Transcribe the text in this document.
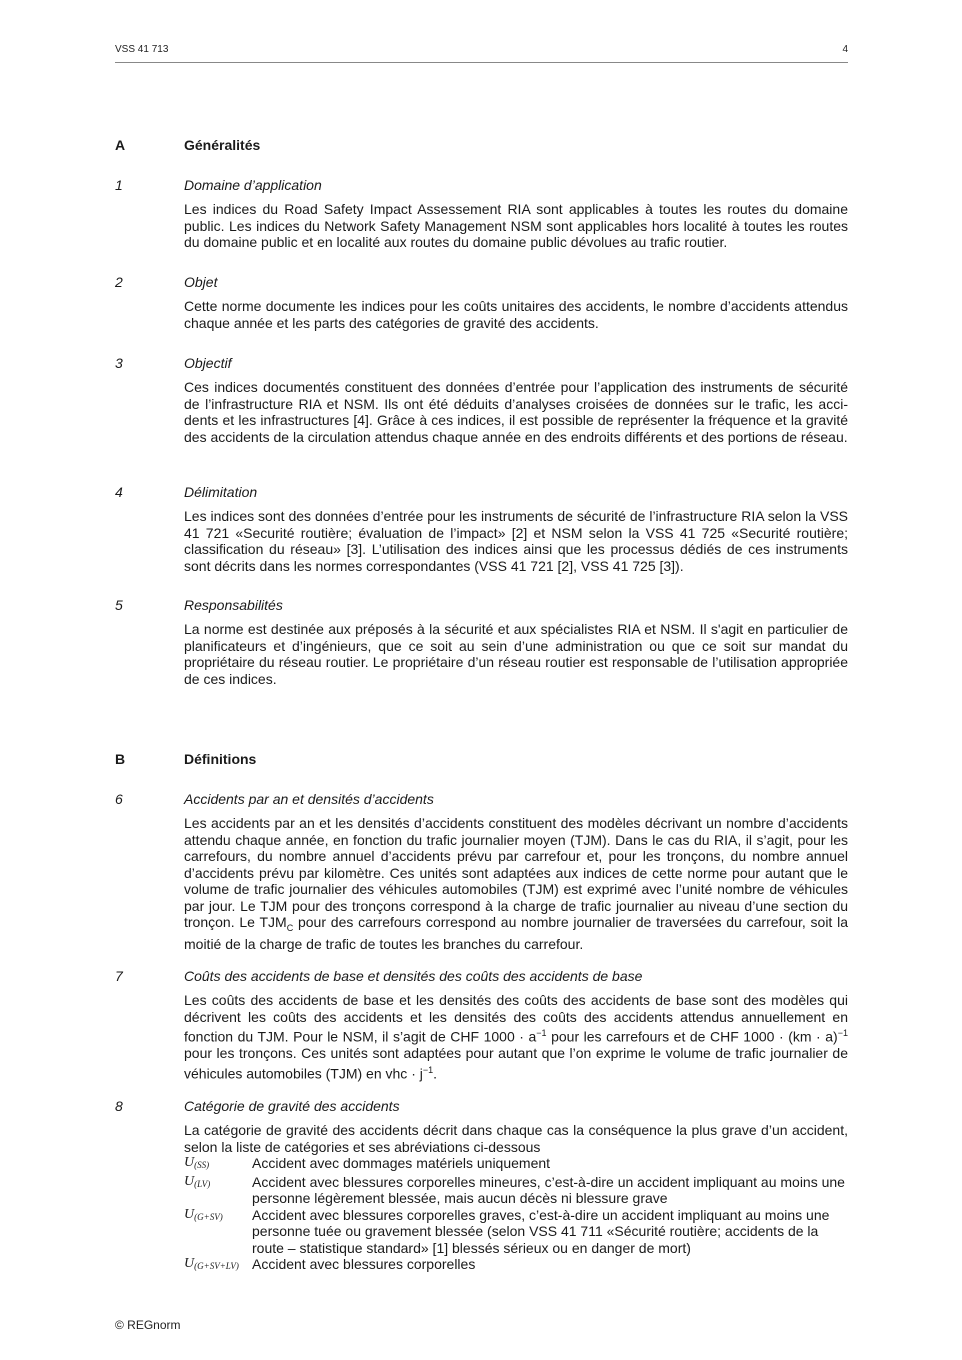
VSS 41 713	4
A	Généralités
1	Domaine d’application
Les indices du Road Safety Impact Assessement RIA sont applicables à toutes les routes du domaine public. Les indices du Network Safety Management NSM sont applicables hors localité à toutes les routes du domaine public et en localité aux routes du domaine public dévolues au trafic routier.
2	Objet
Cette norme documente les indices pour les coûts unitaires des accidents, le nombre d’accidents attendus chaque année et les parts des catégories de gravité des accidents.
3	Objectif
Ces indices documentés constituent des données d’entrée pour l’application des instruments de sécurité de l’infrastructure RIA et NSM. Ils ont été déduits d’analyses croisées de données sur le trafic, les accidents et les infrastructures [4]. Grâce à ces indices, il est possible de représenter la fréquence et la gravité des accidents de la circulation attendus chaque année en des endroits différents et des portions de réseau.
4	Délimitation
Les indices sont des données d’entrée pour les instruments de sécurité de l’infrastructure RIA selon la VSS 41 721 «Securité routière; évaluation de l’impact» [2] et NSM selon la VSS 41 725 «Securité routière; classification du réseau» [3]. L’utilisation des indices ainsi que les processus dédiés de ces instruments sont décrits dans les normes correspondantes (VSS 41 721 [2], VSS 41 725 [3]).
5	Responsabilités
La norme est destinée aux préposés à la sécurité et aux spécialistes RIA et NSM. Il s'agit en particulier de planificateurs et d’ingénieurs, que ce soit au sein d’une administration ou que ce soit sur mandat du propriétaire du réseau routier. Le propriétaire d’un réseau routier est responsable de l’utilisation appropriée de ces indices.
B	Définitions
6	Accidents par an et densités d’accidents
Les accidents par an et les densités d’accidents constituent des modèles décrivant un nombre d’accidents attendu chaque année, en fonction du trafic journalier moyen (TJM). Dans le cas du RIA, il s’agit, pour les carrefours, du nombre annuel d’accidents prévu par carrefour et, pour les tronçons, du nombre annuel d’accidents prévu par kilomètre. Ces unités sont adaptées aux indices de cette norme pour autant que le volume de trafic journalier des véhicules automobiles (TJM) est exprimé avec l’unité nombre de véhicules par jour. Le TJM pour des tronçons correspond à la charge de trafic journalier au niveau d’une section du tronçon. Le $TJM_C$ pour des carrefours correspond au nombre journalier de traversées du carrefour, soit la moitié de la charge de trafic de toutes les branches du carrefour.
7	Coûts des accidents de base et densités des coûts des accidents de base
Les coûts des accidents de base et les densités des coûts des accidents de base sont des modèles qui décrivent les coûts des accidents et les densités des coûts des accidents attendus annuellement en fonction du TJM. Pour le NSM, il s’agit de CHF $1000 \cdot a^{-1}$ pour les carrefours et de CHF 1000 · (km · a)$^{-1}$ pour les tronçons. Ces unités sont adaptées pour autant que l’on exprime le volume de trafic journalier de véhicules automobiles (TJM) en vhc · $j^{-1}$.
8	Catégorie de gravité des accidents
La catégorie de gravité des accidents décrit dans chaque cas la conséquence la plus grave d’un accident, selon la liste de catégories et ses abréviations ci-dessous
$U_{(SS)}$	Accident avec dommages matériels uniquement
$U_{(LV)}$	Accident avec blessures corporelles mineures, c’est-à-dire un accident impliquant au moins une personne légèrement blessée, mais aucun décès ni blessure grave
$U_{(G+SV)}$	Accident avec blessures corporelles graves, c’est-à-dire un accident impliquant au moins une personne tuée ou gravement blessée (selon VSS 41 711 «Sécurité routière; accidents de la route – statistique standard» [1] blessés sérieux ou en danger de mort)
$U_{(G+SV+LV)}$ Accident avec blessures corporelles
© REGnorm
